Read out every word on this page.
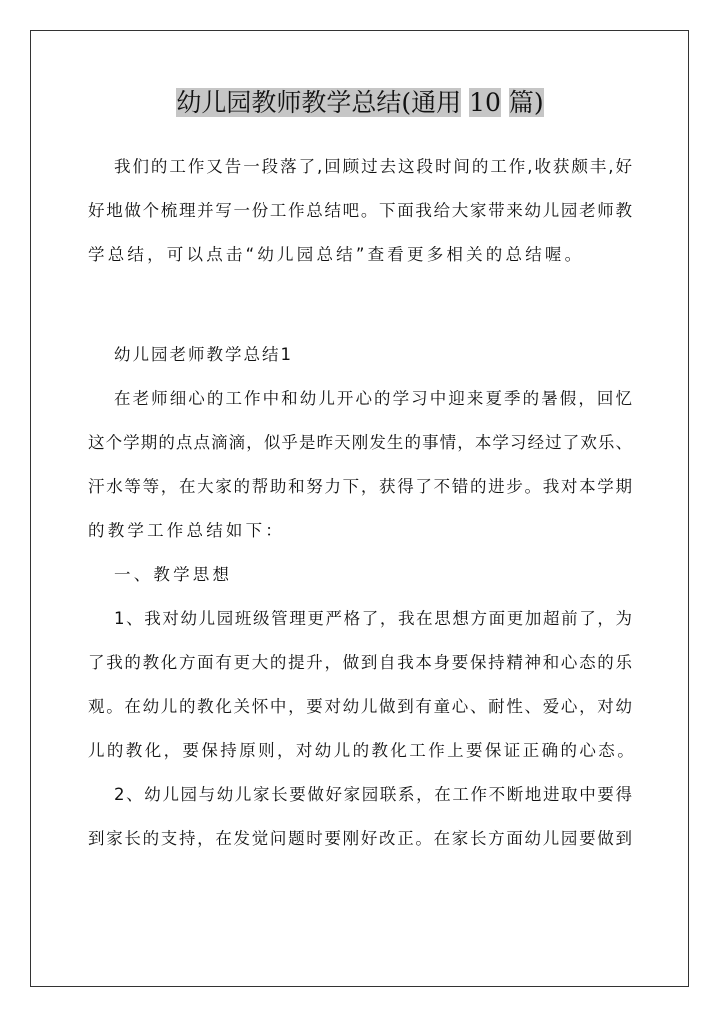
幼儿园教师教学总结(通用 10 篇)
我们的工作又告一段落了,回顾过去这段时间的工作,收获颇丰,好
好地做个梳理并写一份工作总结吧。下面我给大家带来幼儿园老师教
学总结，可以点击“幼儿园总结”查看更多相关的总结喔。
幼儿园老师教学总结1
在老师细心的工作中和幼儿开心的学习中迎来夏季的暑假，回忆
这个学期的点点滴滴，似乎是昨天刚发生的事情，本学习经过了欢乐、
汗水等等，在大家的帮助和努力下，获得了不错的进步。我对本学期
的教学工作总结如下：
一、教学思想
1、我对幼儿园班级管理更严格了，我在思想方面更加超前了，为
了我的教化方面有更大的提升，做到自我本身要保持精神和心态的乐
观。在幼儿的教化关怀中，要对幼儿做到有童心、耐性、爱心，对幼
儿的教化，要保持原则，对幼儿的教化工作上要保证正确的心态。
2、幼儿园与幼儿家长要做好家园联系，在工作不断地进取中要得
到家长的支持，在发觉问题时要刚好改正。在家长方面幼儿园要做到
